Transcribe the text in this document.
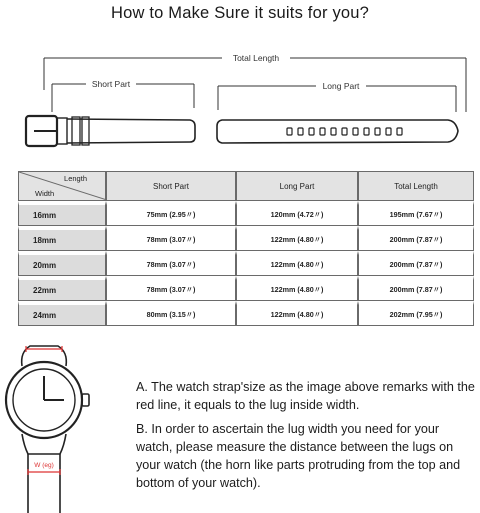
How to Make Sure it suits for you?
Total Length
Short Part	Long Part
Length
Width	Short Part	Long Part	Total Length
16mm	75mm (2.95〃)	120mm (4.72〃)	195mm (7.67〃)
18mm	78mm (3.07〃)	122mm (4.80〃)	200mm (7.87〃)
20mm	78mm (3.07〃)	122mm (4.80〃)	200mm (7.87〃)
22mm	78mm (3.07〃)	122mm (4.80〃)	200mm (7.87〃)
24mm	80mm (3.15〃)	122mm (4.80〃)	202mm (7.95〃)
W (eg)
A. The watch strap'size as the image above remarks with the red line, it equals to the lug inside width.
B. In order to ascertain the lug width you need for your watch, please measure the distance between the lugs on your watch (the horn like parts protruding from the top and bottom of your watch).
